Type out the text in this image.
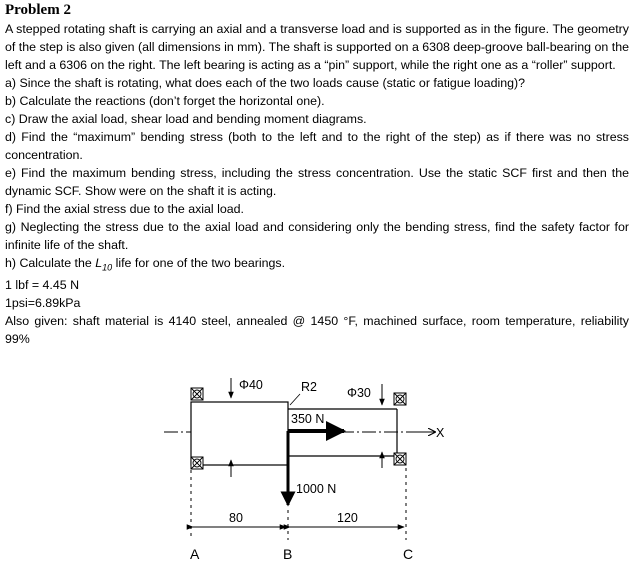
Problem 2

A stepped rotating shaft is carrying an axial and a transverse load and is supported as in the figure. The geometry of the step is also given (all dimensions in mm). The shaft is supported on a 6308 deep-groove ball-bearing on the left and a 6306 on the right. The left bearing is acting as a “pin” support, while the right one as a “roller” support.

a) Since the shaft is rotating, what does each of the two loads cause (static or fatigue loading)?

b) Calculate the reactions (don’t forget the horizontal one).

c) Draw the axial load, shear load and bending moment diagrams.

d) Find the “maximum” bending stress (both to the left and to the right of the step) as if there was no stress concentration.

e) Find the maximum bending stress, including the stress concentration. Use the static SCF first and then the dynamic SCF. Show were on the shaft it is acting.

f) Find the axial stress due to the axial load.

g) Neglecting the stress due to the axial load and considering only the bending stress, find the safety factor for infinite life of the shaft.

h) Calculate the $L_{10}$ life for one of the two bearings.

1 lbf = 4.45 N

1psi=6.89kPa

Also given: shaft material is 4140 steel, annealed @ 1450 °F, machined surface, room temperature, reliability 99%

X
Φ40
Φ30
R2
350 N
1000 N
80	120
A	B	C
